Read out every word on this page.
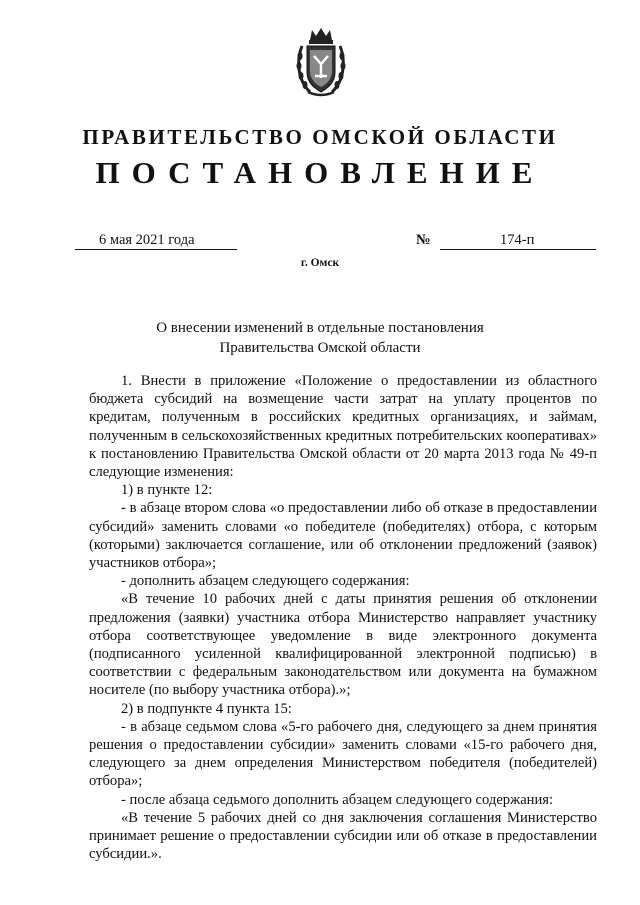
ПРАВИТЕЛЬСТВО ОМСКОЙ ОБЛАСТИ
ПОСТАНОВЛЕНИЕ
6 мая 2021 года	№	174-п
г. Омск
О внесении изменений в отдельные постановления Правительства Омской области

1. Внести в приложение «Положение о предоставлении из областного бюджета субсидий на возмещение части затрат на уплату процентов по кредитам, полученным в российских кредитных организациях, и займам, полученным в сельскохозяйственных кредитных потребительских кооперативах» к постановлению Правительства Омской области от 20 марта 2013 года № 49-п следующие изменения:

1) в пункте 12:

- в абзаце втором слова «о предоставлении либо об отказе в предоставлении субсидий» заменить словами «о победителе (победителях) отбора, с которым (которыми) заключается соглашение, или об отклонении предложений (заявок) участников отбора»;

- дополнить абзацем следующего содержания:

«В течение 10 рабочих дней с даты принятия решения об отклонении предложения (заявки) участника отбора Министерство направляет участнику отбора соответствующее уведомление в виде электронного документа (подписанного усиленной квалифицированной электронной подписью) в соответствии с федеральным законодательством или документа на бумажном носителе (по выбору участника отбора).»;

2) в подпункте 4 пункта 15:

- в абзаце седьмом слова «5-го рабочего дня, следующего за днем принятия решения о предоставлении субсидии» заменить словами «15-го рабочего дня, следующего за днем определения Министерством победителя (победителей) отбора»;

- после абзаца седьмого дополнить абзацем следующего содержания:

«В течение 5 рабочих дней со дня заключения соглашения Министерство принимает решение о предоставлении субсидии или об отказе в предоставлении субсидии.».
